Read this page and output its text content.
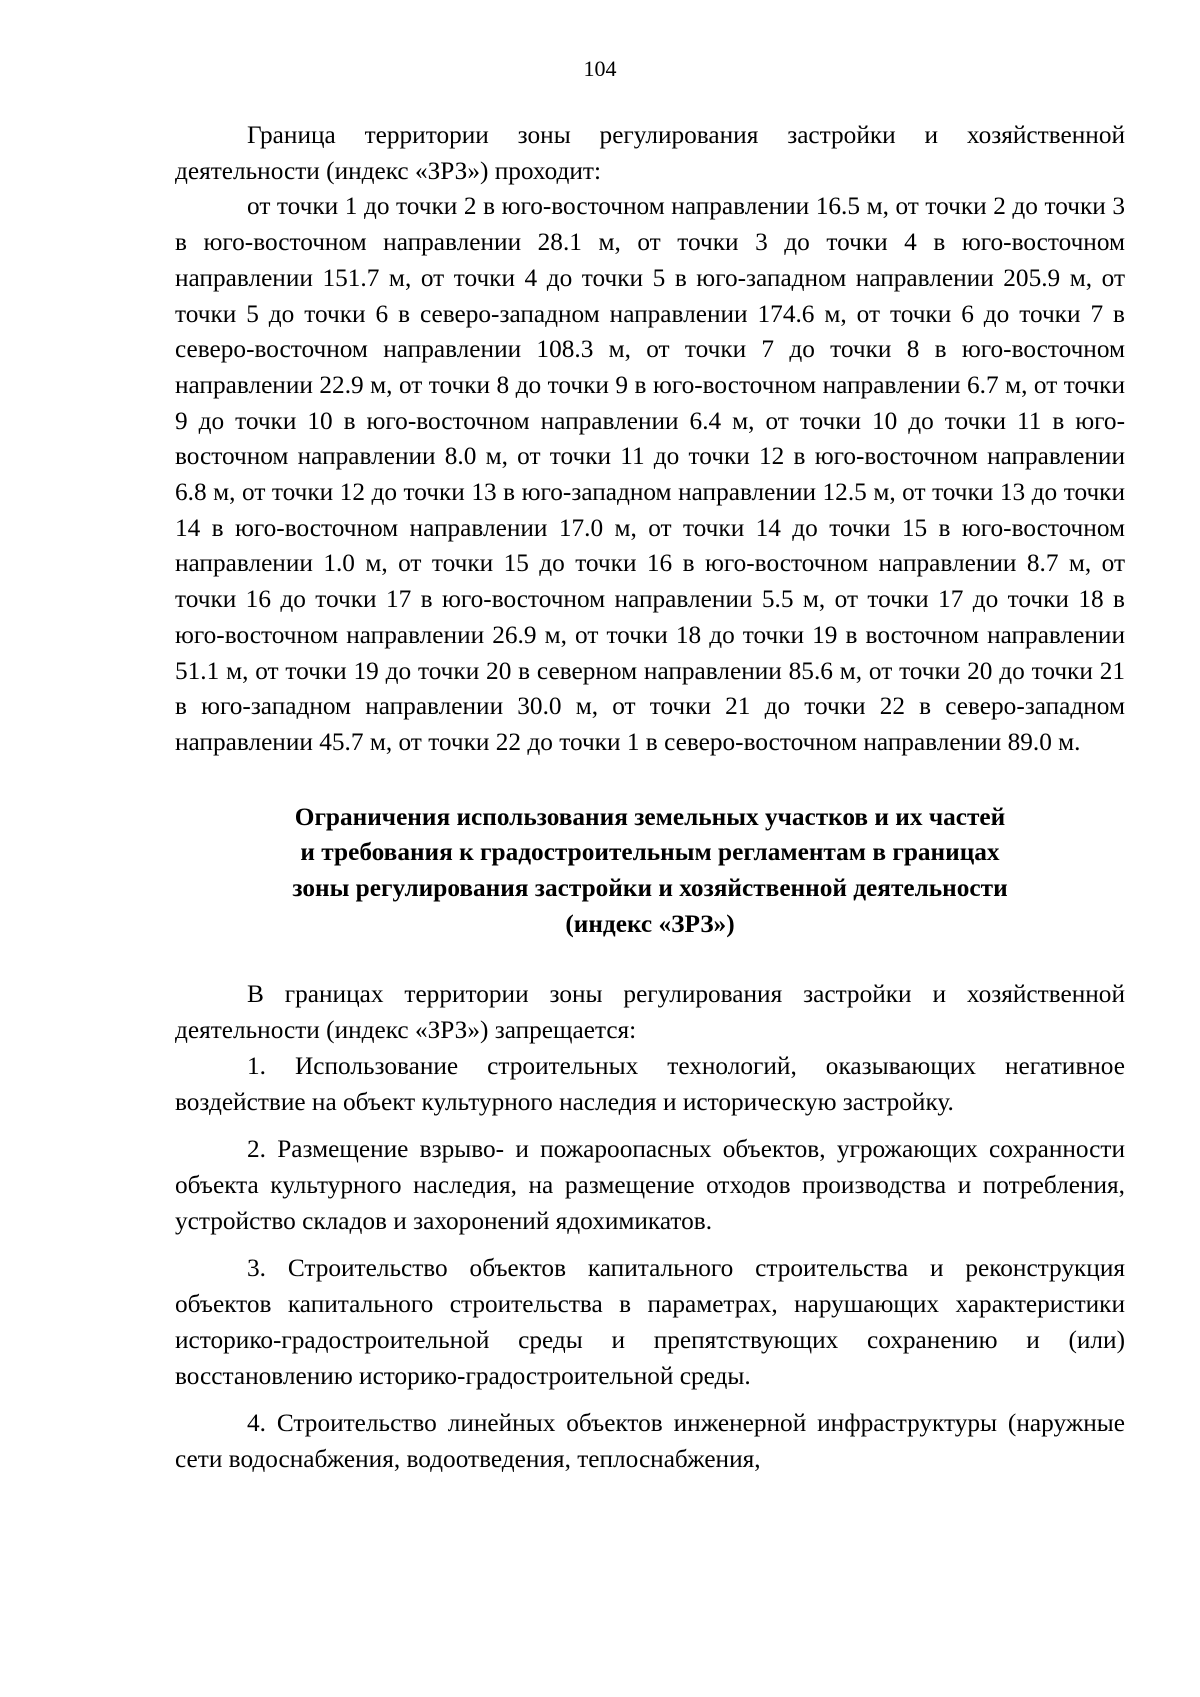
104

Граница территории зоны регулирования застройки и хозяйственной деятельности (индекс «ЗРЗ») проходит:

от точки 1 до точки 2 в юго-восточном направлении 16.5 м, от точки 2 до точки 3 в юго-восточном направлении 28.1 м, от точки 3 до точки 4 в юго-восточном направлении 151.7 м, от точки 4 до точки 5 в юго-западном направлении 205.9 м, от точки 5 до точки 6 в северо-западном направлении 174.6 м, от точки 6 до точки 7 в северо-восточном направлении 108.3 м, от точки 7 до точки 8 в юго-восточном направлении 22.9 м, от точки 8 до точки 9 в юго-восточном направлении 6.7 м, от точки 9 до точки 10 в юго-восточном направлении 6.4 м, от точки 10 до точки 11 в юго-восточном направлении 8.0 м, от точки 11 до точки 12 в юго-восточном направлении 6.8 м, от точки 12 до точки 13 в юго-западном направлении 12.5 м, от точки 13 до точки 14 в юго-восточном направлении 17.0 м, от точки 14 до точки 15 в юго-восточном направлении 1.0 м, от точки 15 до точки 16 в юго-восточном направлении 8.7 м, от точки 16 до точки 17 в юго-восточном направлении 5.5 м, от точки 17 до точки 18 в юго-восточном направлении 26.9 м, от точки 18 до точки 19 в восточном направлении 51.1 м, от точки 19 до точки 20 в северном направлении 85.6 м, от точки 20 до точки 21 в юго-западном направлении 30.0 м, от точки 21 до точки 22 в северо-западном направлении 45.7 м, от точки 22 до точки 1 в северо-восточном направлении 89.0 м.

Ограничения использования земельных участков и их частей
и требования к градостроительным регламентам в границах
зоны регулирования застройки и хозяйственной деятельности
(индекс «ЗРЗ»)

В границах территории зоны регулирования застройки и хозяйственной деятельности (индекс «ЗРЗ») запрещается:

1. Использование строительных технологий, оказывающих негативное воздействие на объект культурного наследия и историческую застройку.

2. Размещение взрыво- и пожароопасных объектов, угрожающих сохранности объекта культурного наследия, на размещение отходов производства и потребления, устройство складов и захоронений ядохимикатов.

3. Строительство объектов капитального строительства и реконструкция объектов капитального строительства в параметрах, нарушающих характеристики историко-градостроительной среды и препятствующих сохранению и (или) восстановлению историко-градостроительной среды.

4. Строительство линейных объектов инженерной инфраструктуры (наружные сети водоснабжения, водоотведения, теплоснабжения,
